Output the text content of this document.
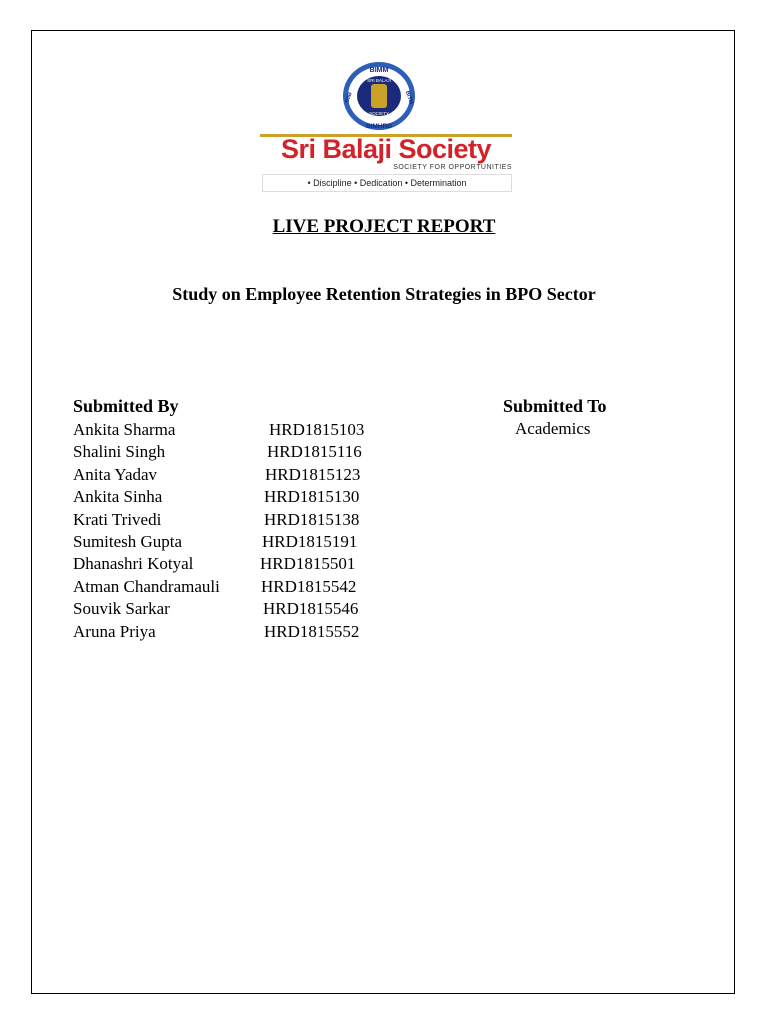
BIMM
BIMHRD
BIIB	BITM
SRI BALAJI
SOCIETY
Sri Balaji Society
SOCIETY FOR OPPORTUNITIES
• Discipline • Dedication • Determination
LIVE PROJECT REPORT
Study on Employee Retention Strategies in BPO Sector
Submitted By	Submitted To
Academics
Ankita Sharma	HRD1815103
Shalini Singh	HRD1815116
Anita Yadav	HRD1815123
Ankita Sinha	HRD1815130
Krati Trivedi	HRD1815138
Sumitesh Gupta	HRD1815191
Dhanashri Kotyal	HRD1815501
Atman Chandramauli HRD1815542
Souvik Sarkar	HRD1815546
Aruna Priya	HRD1815552
